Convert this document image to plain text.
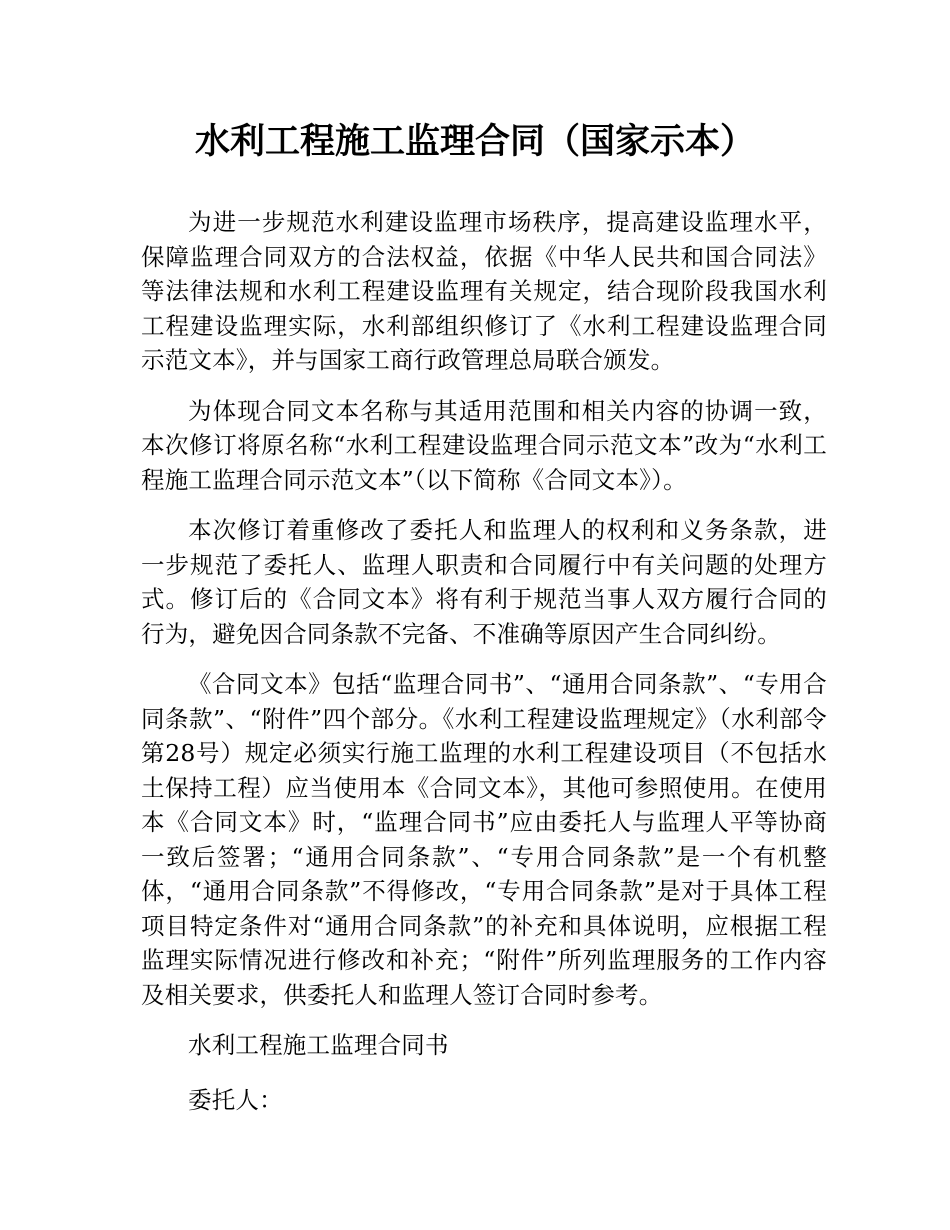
水利工程施工监理合同（国家示本）

为进一步规范水利建设监理市场秩序，提高建设监理水平，保障监理合同双方的合法权益，依据《中华人民共和国合同法》等法律法规和水利工程建设监理有关规定，结合现阶段我国水利工程建设监理实际，水利部组织修订了《水利工程建设监理合同示范文本》，并与国家工商行政管理总局联合颁发。

为体现合同文本名称与其适用范围和相关内容的协调一致，本次修订将原名称“水利工程建设监理合同示范文本”改为“水利工程施工监理合同示范文本”（以下简称《合同文本》）。

本次修订着重修改了委托人和监理人的权利和义务条款，进一步规范了委托人、监理人职责和合同履行中有关问题的处理方式。修订后的《合同文本》将有利于规范当事人双方履行合同的行为，避免因合同条款不完备、不准确等原因产生合同纠纷。

《合同文本》包括“监理合同书”、“通用合同条款”、“专用合同条款”、“附件”四个部分。《水利工程建设监理规定》（水利部令第28号）规定必须实行施工监理的水利工程建设项目（不包括水土保持工程）应当使用本《合同文本》，其他可参照使用。在使用本《合同文本》时，“监理合同书”应由委托人与监理人平等协商一致后签署；“通用合同条款”、“专用合同条款”是一个有机整体，“通用合同条款”不得修改，“专用合同条款”是对于具体工程项目特定条件对“通用合同条款”的补充和具体说明，应根据工程监理实际情况进行修改和补充；“附件”所列监理服务的工作内容及相关要求，供委托人和监理人签订合同时参考。

水利工程施工监理合同书

委托人：
